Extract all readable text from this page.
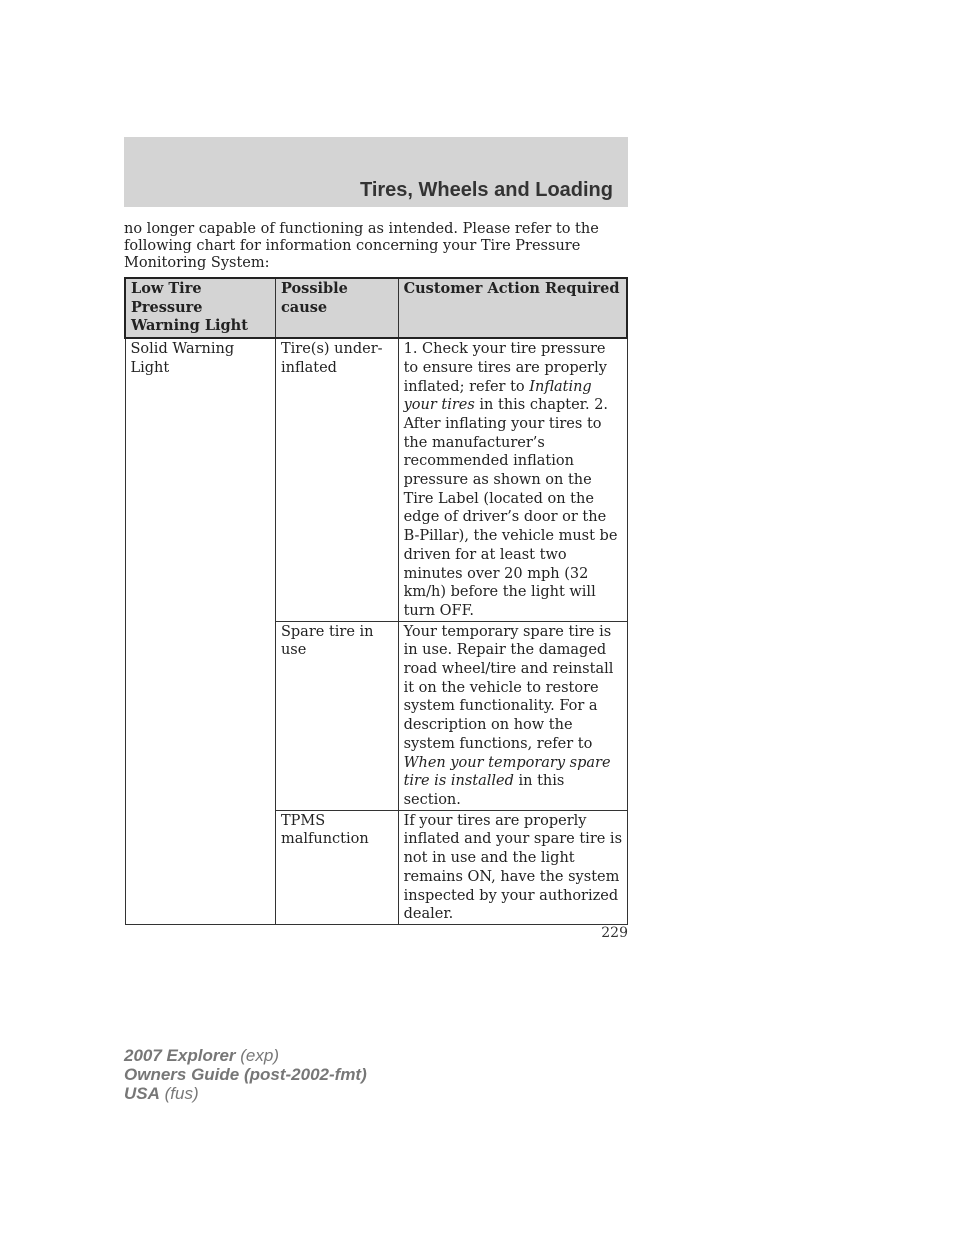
Tires, Wheels and Loading

no longer capable of functioning as intended. Please refer to the following chart for information concerning your Tire Pressure Monitoring System:

Low Tire Pressure Warning Light	Possible cause	Customer Action Required
Solid Warning Light	Tire(s) under-inflated	1. Check your tire pressure to ensure tires are properly inflated; refer to Inflating your tires in this chapter. 2. After inflating your tires to the manufacturer’s recommended inflation pressure as shown on the Tire Label (located on the edge of driver’s door or the B-Pillar), the vehicle must be driven for at least two minutes over 20 mph (32 km/h) before the light will turn OFF.
	Spare tire in use	Your temporary spare tire is in use. Repair the damaged road wheel/tire and reinstall it on the vehicle to restore system functionality. For a description on how the system functions, refer to When your temporary spare tire is installed in this section.
	TPMS malfunction	If your tires are properly inflated and your spare tire is not in use and the light remains ON, have the system inspected by your authorized dealer.

229

2007 Explorer (exp)
Owners Guide (post-2002-fmt)
USA (fus)
